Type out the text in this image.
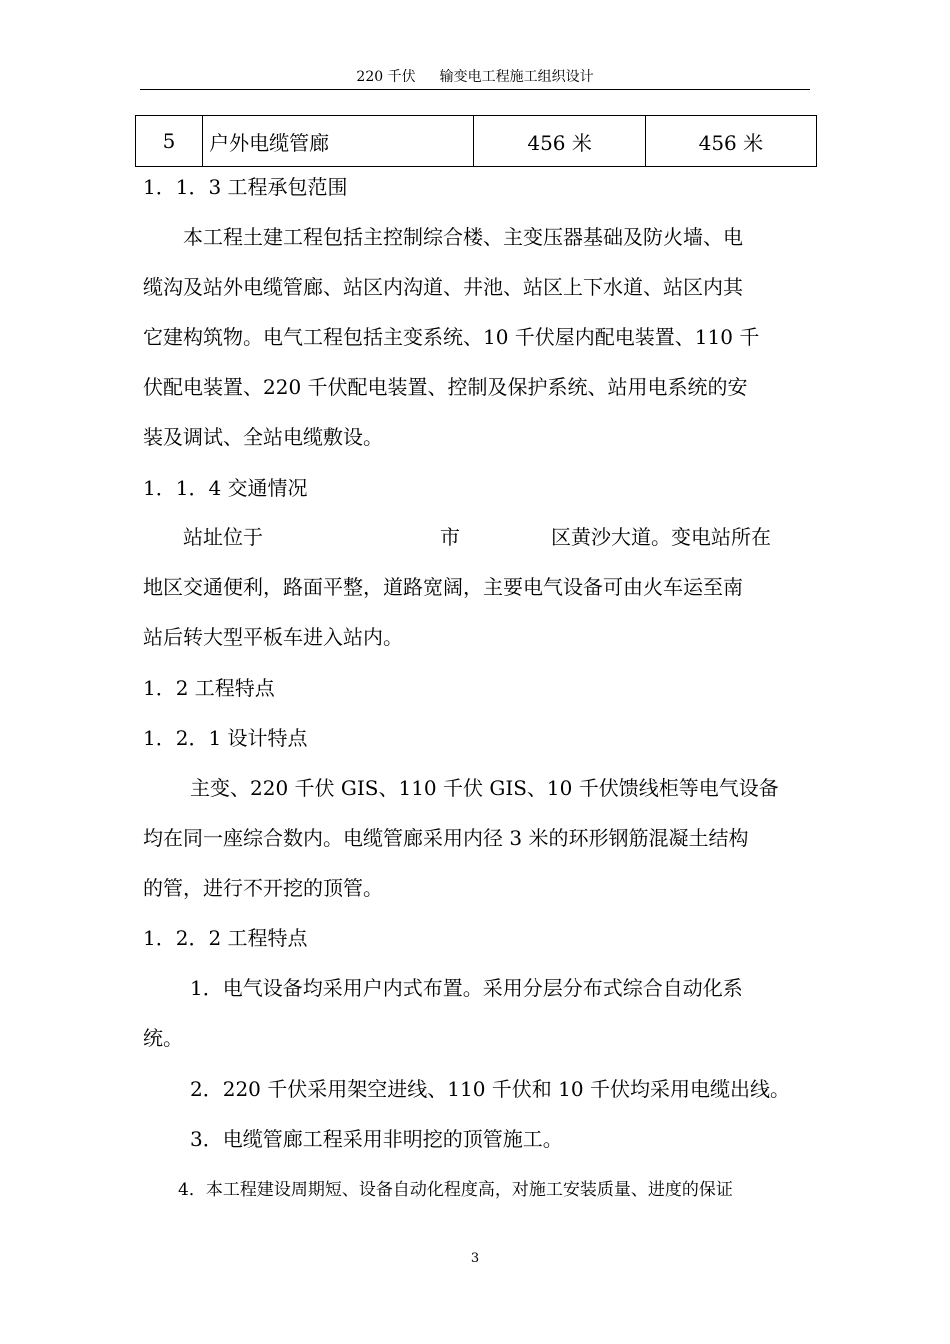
220 千伏 输变电工程施工组织设计
5	户外电缆管廊	456 米	456 米
1．1．3 工程承包范围
本工程土建工程包括主控制综合楼、主变压器基础及防火墙、电
缆沟及站外电缆管廊、站区内沟道、井池、站区上下水道、站区内其
它建构筑物。电气工程包括主变系统、10 千伏屋内配电装置、110 千
伏配电装置、220 千伏配电装置、控制及保护系统、站用电系统的安
装及调试、全站电缆敷设。
1．1．4 交通情况
站址位于	市	区黄沙大道。变电站所在
地区交通便利，路面平整，道路宽阔，主要电气设备可由火车运至南
站后转大型平板车进入站内。
1．2 工程特点
1．2．1 设计特点
主变、220 千伏 GIS、110 千伏 GIS、10 千伏馈线柜等电气设备
均在同一座综合数内。电缆管廊采用内径 3 米的环形钢筋混凝土结构
的管，进行不开挖的顶管。
1．2．2 工程特点
1．电气设备均采用户内式布置。采用分层分布式综合自动化系
统。
2．220 千伏采用架空进线、110 千伏和 10 千伏均采用电缆出线。
3．电缆管廊工程采用非明挖的顶管施工。
4．本工程建设周期短、设备自动化程度高，对施工安装质量、进度的保证
3
